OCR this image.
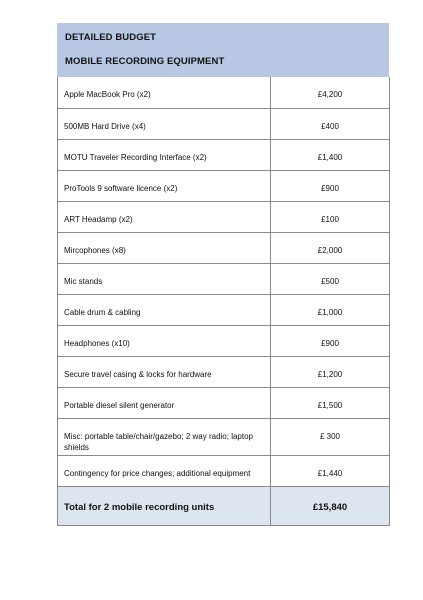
DETAILED BUDGET
MOBILE RECORDING EQUIPMENT
Apple MacBook Pro (x2)	£4,200
500MB Hard Drive (x4)	£400
MOTU Traveler Recording Interface (x2)	£1,400
ProTools 9 software licence (x2)	£900
ART Headamp (x2)	£100
Mircophones (x8)	£2,000
Mic stands	£500
Cable drum & cabling	£1,000
Headphones (x10)	£900
Secure travel casing & locks for hardware	£1,200
Portable diesel silent generator	£1,500
Misc: portable table/chair/gazebo; 2 way radio; laptop shields	£ 300
Contingency for price changes; additional equipment	£1,440
Total for 2 mobile recording units	£15,840
